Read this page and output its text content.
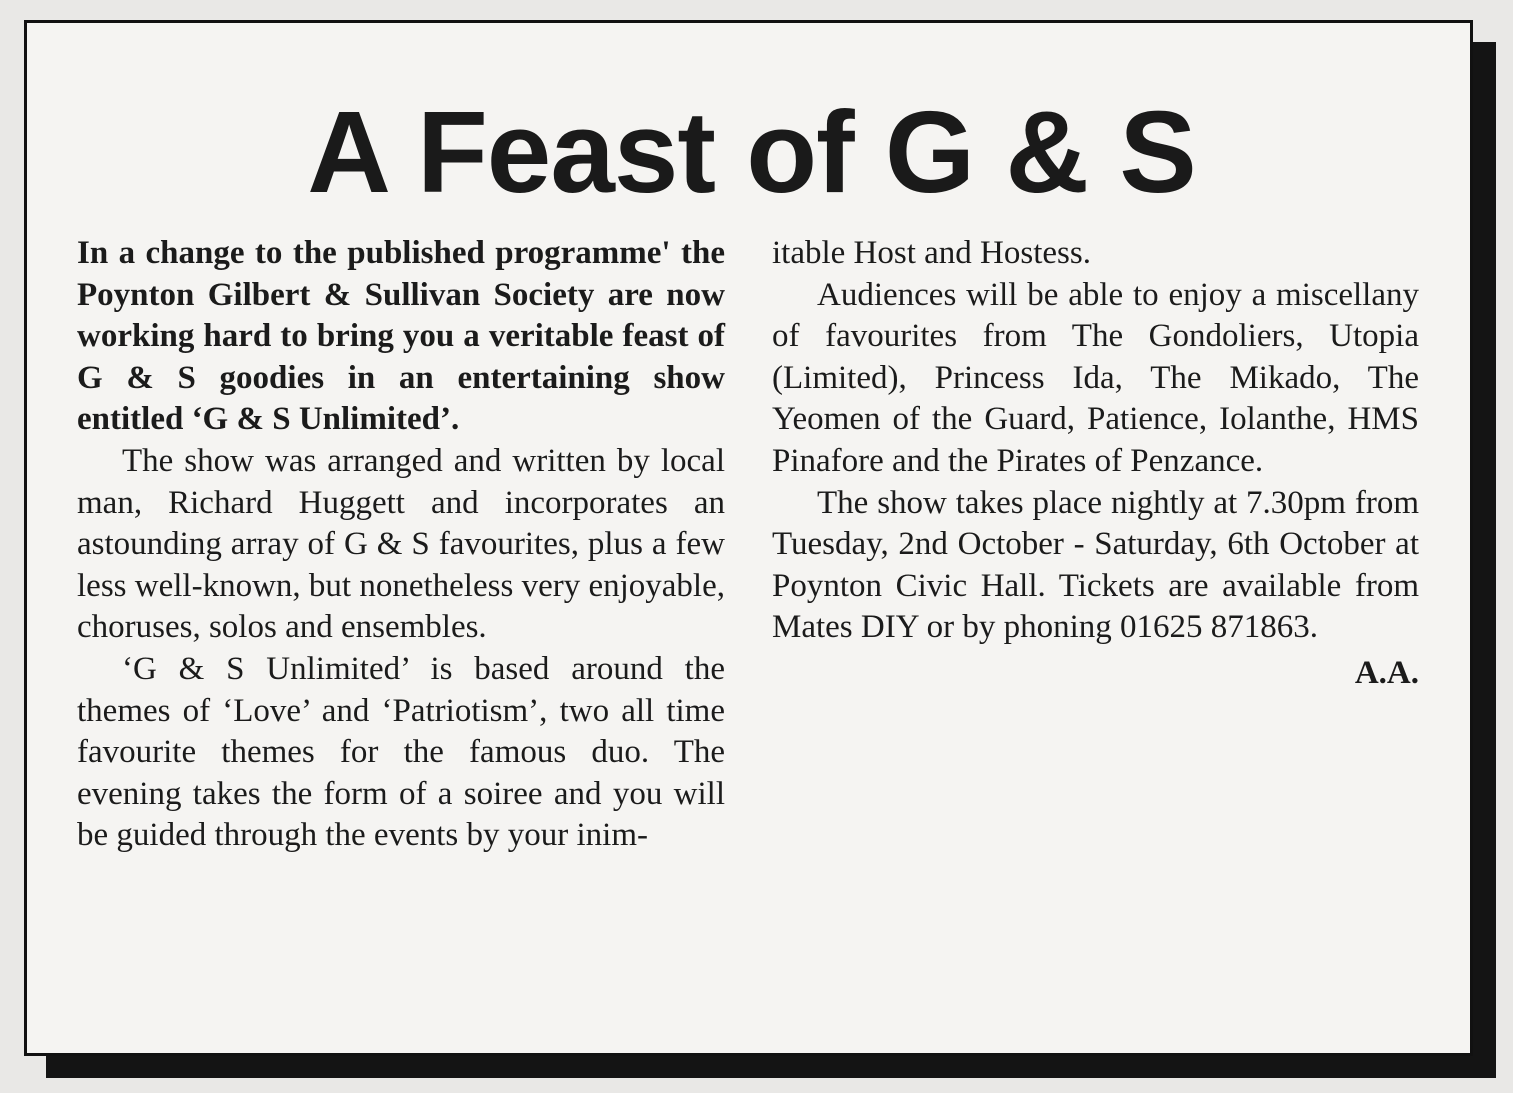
A Feast of G & S

In a change to the published programme' the Poynton Gilbert & Sullivan Society are now working hard to bring you a veritable feast of G & S goodies in an entertaining show entitled ‘G & S Unlimited’.

The show was arranged and written by local man, Richard Huggett and incorporates an astounding array of G & S favourites, plus a few less well-known, but nonetheless very enjoyable, choruses, solos and ensembles.

‘G & S Unlimited’ is based around the themes of ‘Love’ and ‘Patriotism’, two all time favourite themes for the famous duo. The evening takes the form of a soiree and you will be guided through the events by your inim-

itable Host and Hostess.

Audiences will be able to enjoy a miscellany of favourites from The Gondoliers, Utopia (Limited), Princess Ida, The Mikado, The Yeomen of the Guard, Patience, Iolanthe, HMS Pinafore and the Pirates of Penzance.

The show takes place nightly at 7.30pm from Tuesday, 2nd October - Saturday, 6th October at Poynton Civic Hall. Tickets are available from Mates DIY or by phoning 01625 871863.

A.A.
